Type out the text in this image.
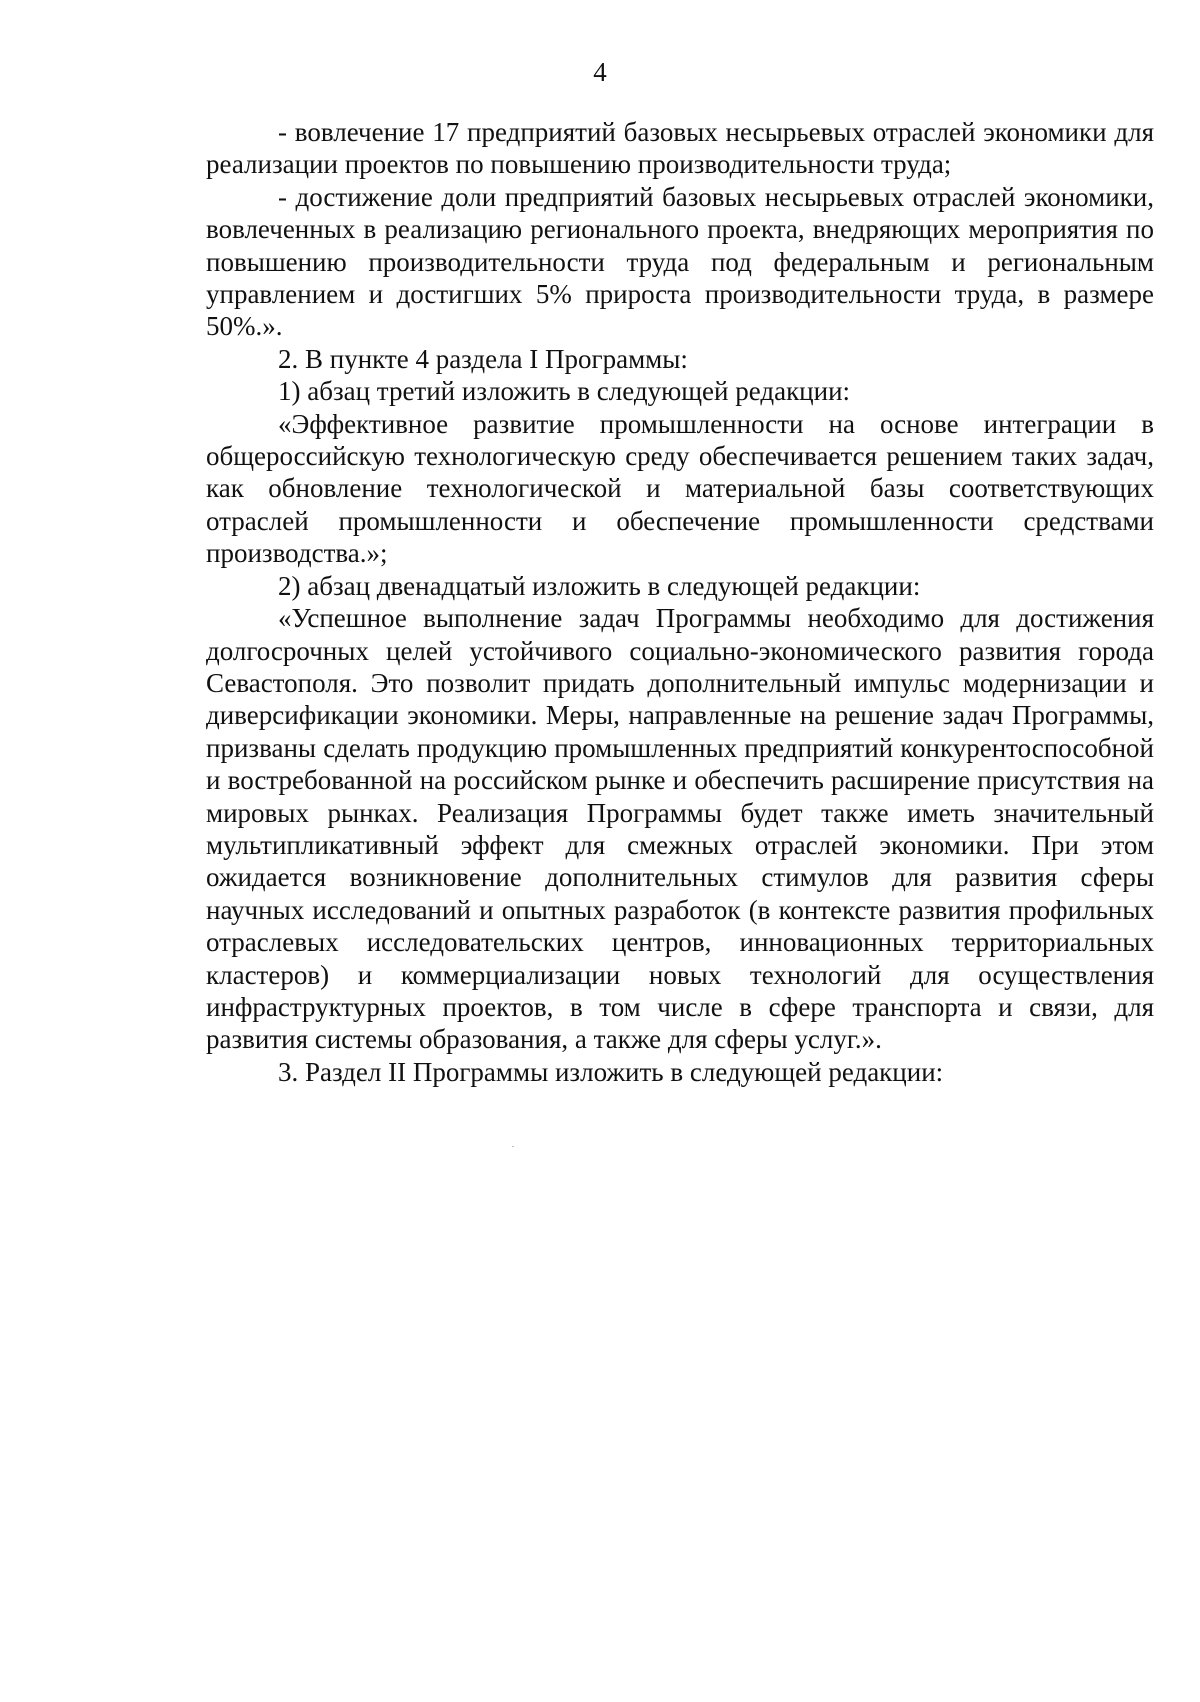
4

- вовлечение 17 предприятий базовых несырьевых отраслей экономики для реализации проектов по повышению производительности труда;

- достижение доли предприятий базовых несырьевых отраслей экономики, вовлеченных в реализацию регионального проекта, внедряющих мероприятия по повышению производительности труда под федеральным и региональным управлением и достигших 5% прироста производительности труда, в размере 50%.».

2. В пункте 4 раздела I Программы:

1) абзац третий изложить в следующей редакции:

«Эффективное развитие промышленности на основе интеграции в общероссийскую технологическую среду обеспечивается решением таких задач, как обновление технологической и материальной базы соответствующих отраслей промышленности и обеспечение промышленности средствами производства.»;

2) абзац двенадцатый изложить в следующей редакции:

«Успешное выполнение задач Программы необходимо для достижения долгосрочных целей устойчивого социально-экономического развития города Севастополя. Это позволит придать дополнительный импульс модернизации и диверсификации экономики. Меры, направленные на решение задач Программы, призваны сделать продукцию промышленных предприятий конкурентоспособной и востребованной на российском рынке и обеспечить расширение присутствия на мировых рынках. Реализация Программы будет также иметь значительный мультипликативный эффект для смежных отраслей экономики. При этом ожидается возникновение дополнительных стимулов для развития сферы научных исследований и опытных разработок (в контексте развития профильных отраслевых исследовательских центров, инновационных территориальных кластеров) и коммерциализации новых технологий для осуществления инфраструктурных проектов, в том числе в сфере транспорта и связи, для развития системы образования, а также для сферы услуг.».

3. Раздел II Программы изложить в следующей редакции:
